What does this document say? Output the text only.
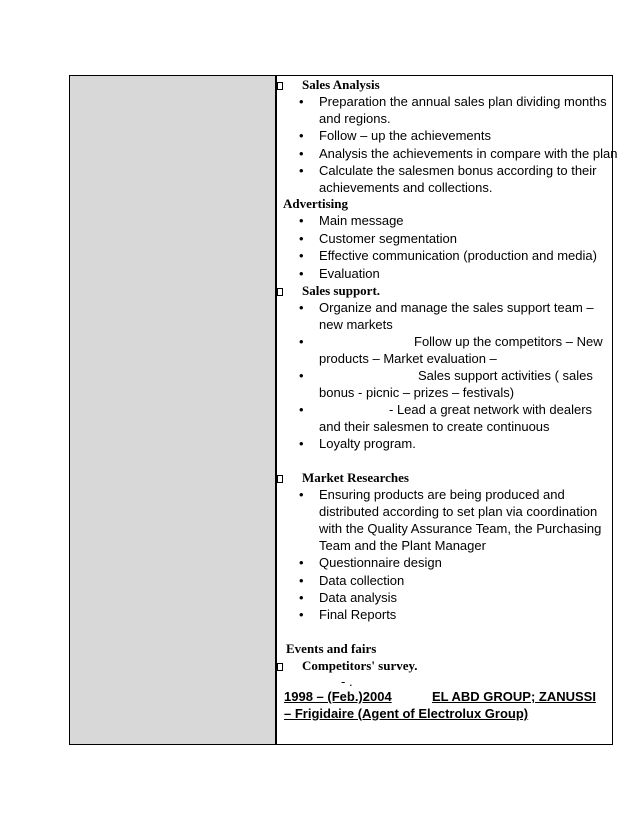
Sales Analysis
• Preparation the annual sales plan dividing months
and regions.
• Follow – up the achievements
• Analysis the achievements in compare with the plan
• Calculate the salesmen bonus according to their
achievements and collections.
Advertising
• Main message
• Customer segmentation
• Effective communication (production and media)
• Evaluation
Sales support.
• Organize and manage the sales support team –
new markets
•	Follow up the competitors – New
products – Market evaluation –
•	Sales support activities ( sales
bonus - picnic – prizes – festivals)
•	- Lead a great network with dealers
and their salesmen to create continuous
• Loyalty program.
Market Researches
• Ensuring products are being produced and
distributed according to set plan via coordination
with the Quality Assurance Team, the Purchasing
Team and the Plant Manager
• Questionnaire design
• Data collection
• Data analysis
• Final Reports
Events and fairs
Competitors' survey.
- .
1998 – (Feb.)2004	EL ABD GROUP; ZANUSSI
– Frigidaire (Agent of Electrolux Group)
